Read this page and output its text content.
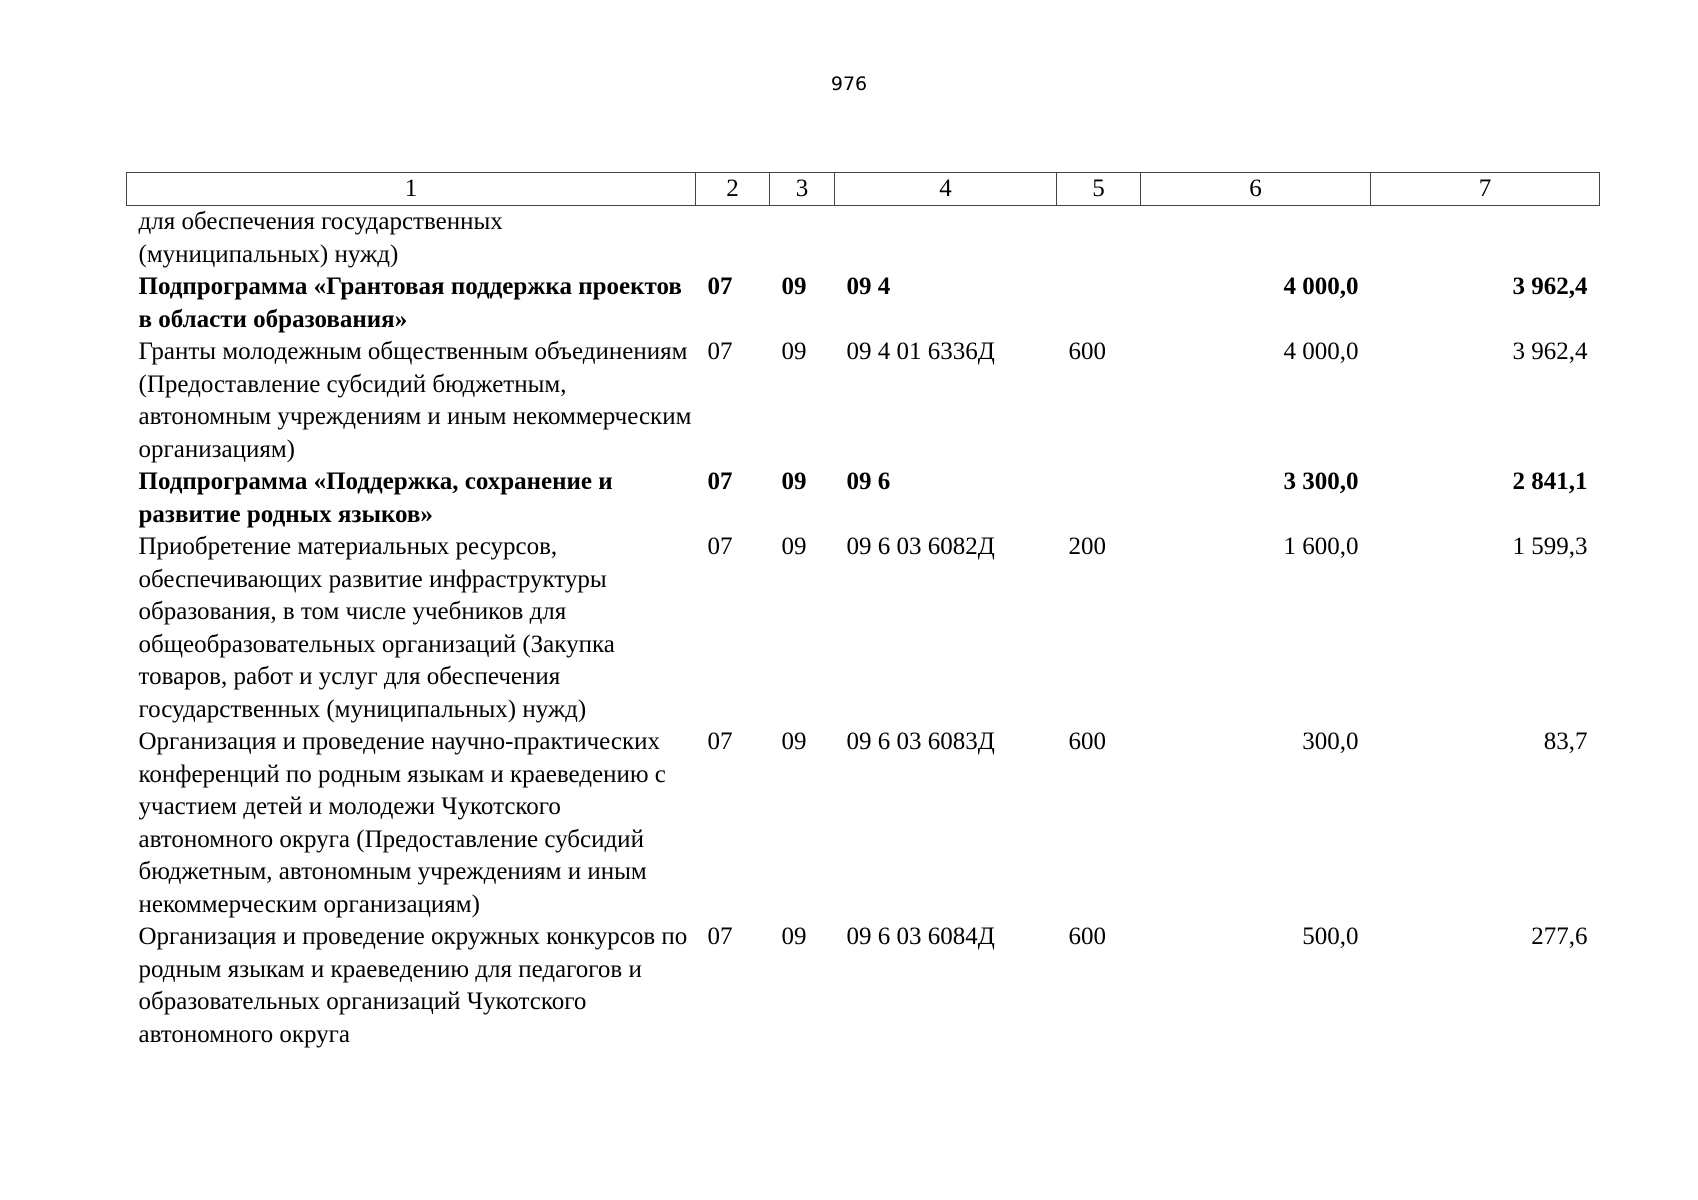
976
1	2	3	4	5	6	7
для обеспечения государственных (муниципальных) нужд)						
Подпрограмма «Грантовая поддержка проектов в области образования»	07	09	09 4		4 000,0	3 962,4
Гранты молодежным общественным объединениям (Предоставление субсидий бюджетным, автономным учреждениям и иным некоммерческим организациям)	07	09	09 4 01 6336Д	600	4 000,0	3 962,4
Подпрограмма «Поддержка, сохранение и развитие родных языков»	07	09	09 6		3 300,0	2 841,1
Приобретение материальных ресурсов, обеспечивающих развитие инфраструктуры образования, в том числе учебников для общеобразовательных организаций (Закупка товаров, работ и услуг для обеспечения государственных (муниципальных) нужд)	07	09	09 6 03 6082Д	200	1 600,0	1 599,3
Организация и проведение научно-практических конференций по родным языкам и краеведению с участием детей и молодежи Чукотского автономного округа (Предоставление субсидий бюджетным, автономным учреждениям и иным некоммерческим организациям)	07	09	09 6 03 6083Д	600	300,0	83,7
Организация и проведение окружных конкурсов по родным языкам и краеведению для педагогов и образовательных организаций Чукотского автономного округа	07	09	09 6 03 6084Д	600	500,0	277,6
